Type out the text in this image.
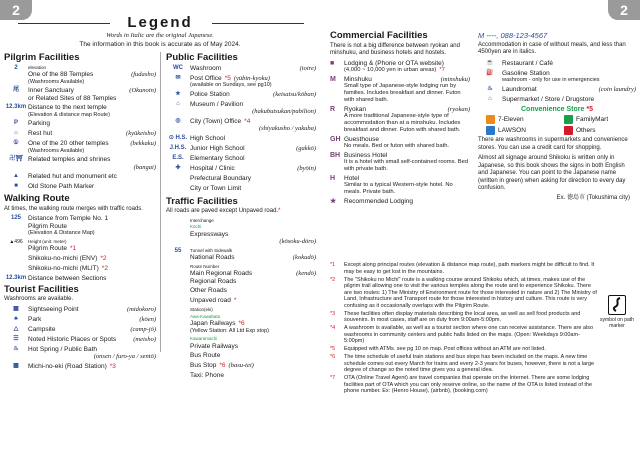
2	2
Legend
Words in Italic are the original Japanese.
The information in this book is accurate as of May 2024.
Pilgrim Facilities
2 elevation
(fudasho)
One of the 88 Temples
(Washrooms Available)
尾	(Okunoin)
Inner Sanctuary
or Related Sites of 88 Temples
12.3km Distance to the next temple
(Elevation & distance map Route)
P Parking
⌂	(kyūkeisho)
Rest hut
①	(bekkaku)
One of the 20 other temples
(Washrooms Available)
卍⛩ Related temples and shrines
(bangai)
▲ Related hut and monument etc
■ Old Stone Path Marker
Walking Route
At times, the walking route merges with traffic roads.
125 Distance from Temple No. 1
Pilgrim Route
(Elevation & Distance Map)
▲496 Height (unit: meter)
Pilgrim Route *1
Shikoku-no-michi (ENV) *2
Shikoku-no-michi (MLIT) *2
12.3km Distance between Sections
Tourist Facilities
Washrooms are available.
▦	(midokoro)
Sightseeing Point
♣	(kōen)
Park
△	(camp-jō)
Campsite
☰	(meisho)
Noted Historic Places or Spots
♨ Hot Spring / Public Bath
(onsen / furo-ya / sentō)
▩ Michi-no-eki (Road Station) *3
Public Facilities
WC	(toire)
Washroom
✉ Post Office *5 (yūbin-kyoku)
(available on Sundays, see pg10)
★	(keisatsu/kōban)
Police Station
⌂ Museum / Pavilion
(hakubutsukan/pabilion)
◎ City (Town) Office *4
(shiyakusho / yakuba)
⊙ H.S. High School
J.H.S.	(gakkō)
Junior High School
E.S. Elementary School
✚	(byōin)
Hospital / Clinic
Prefectural Boundary
City or Town Limit
Traffic Facilities
All roads are paved except Unpaved road.*
Interchange
Kōchi
Expressways
(kōsoku-dōro)
55 Tunnel with Sidewalk
(kokudō)
National Roads
Route Number
(kendō)
Main Regional Roads
Regional Roads
Other Roads
Unpaved road *
Station(eki)
Awa-Kawabata
Japan Railways *6
(Yellow Station: All Ltd Exp stop)
Kawaramachi
Private Railways
Bus Route
Bus Stop *6 (basu-tei)
Taxi: Phone
Commercial Facilities
There is not a big difference between ryokan and minshuku, and business hotels and hostels.
■	Lodging & (Phone or OTA website)
(4,000 ~ 10,000 yen in urban areas) *7
M	(minshuku)
Minshuku
Small type of Japanese-style lodging run by families. Includes breakfast and dinner. Futon with shared bath.
R	(ryokan)
Ryokan
A more traditional Japanese-style type of accommodation than at a minshuku. Includes breakfast and dinner. Futon with shared bath.
GH Guesthouse
No meals. Bed or futon with shared bath.
BH Business Hotel
It is a hotel with small self-contained rooms. Bed with private bath.
H	Hotel
Similar to a typical Western-style hotel. No meals. Private bath.
★	Recommended Lodging
M ----, 088-123-4567
Accommodation in case of without meals, and less than 4500yen are in italics.
☕ Restaurant / Café
⛽ Gasoline Station
washroom - only for use in emergencies
♨	(coin laundry)
Laundromat
⌂ Supermarket / Store / Drugstore
Convenience Store *5
7-Eleven	FamilyMart
LAWSON	Others
There are washrooms in supermarkets and convenience stores. You can use a credit card for shopping.
Almost all signage around Shikoku is written only in Japanese, so this book shows the signs in both English and Japanese. You can point to the Japanese name (written in green) when asking for direction to every day confusion.
Ex. 徳島市 (Tokushima city)
*1	Except along principal routes (elevation & distance map route), path markers might be difficult to find. It may be easy to get lost in the mountains.
*2	The "Shikoku no Michi" route is a walking course around Shikoku which, at times, makes use of the pilgrim trail allowing one to visit the various temples along the route and to experience Shikoku. There are two routes: 1) The Ministry of Environment route for those interested in nature and 2) The Ministry of Land, Infrastructure and Transport route for those interested in history and culture. This route is very confusing as it occasionally overlaps with the Pilgrim Route.
*3	These facilities often display materials describing the local area, as well as sell food products and souvenirs. In most cases, staff are on duty from 9:00am-5:00pm.
*4	A washroom is available, as well as a tourist section where one can receive assistance. There are also washrooms in community centers and public halls listed on the maps. (Open: Weekdays 9:00am-5:00pm)
*5	Equipped with ATMs. see pg 10 on map. Post offices without an ATM are not listed.
*6	The time schedule of useful train stations and bus stops has been included on the maps. A new time schedule comes out every March for trains and every 2-3 years for buses, however, there is not a large degree of change so the noted time gives you a general idea.
*7	OTA (Online Travel Agent) are travel companies that operate on the Internet. There are some lodging facilities part of OTA which you can only reserve online, so the name of the OTA is listed instead of the phone number. Ex: (Henro House), (airbnb), (booking.com)
symbol on path marker
